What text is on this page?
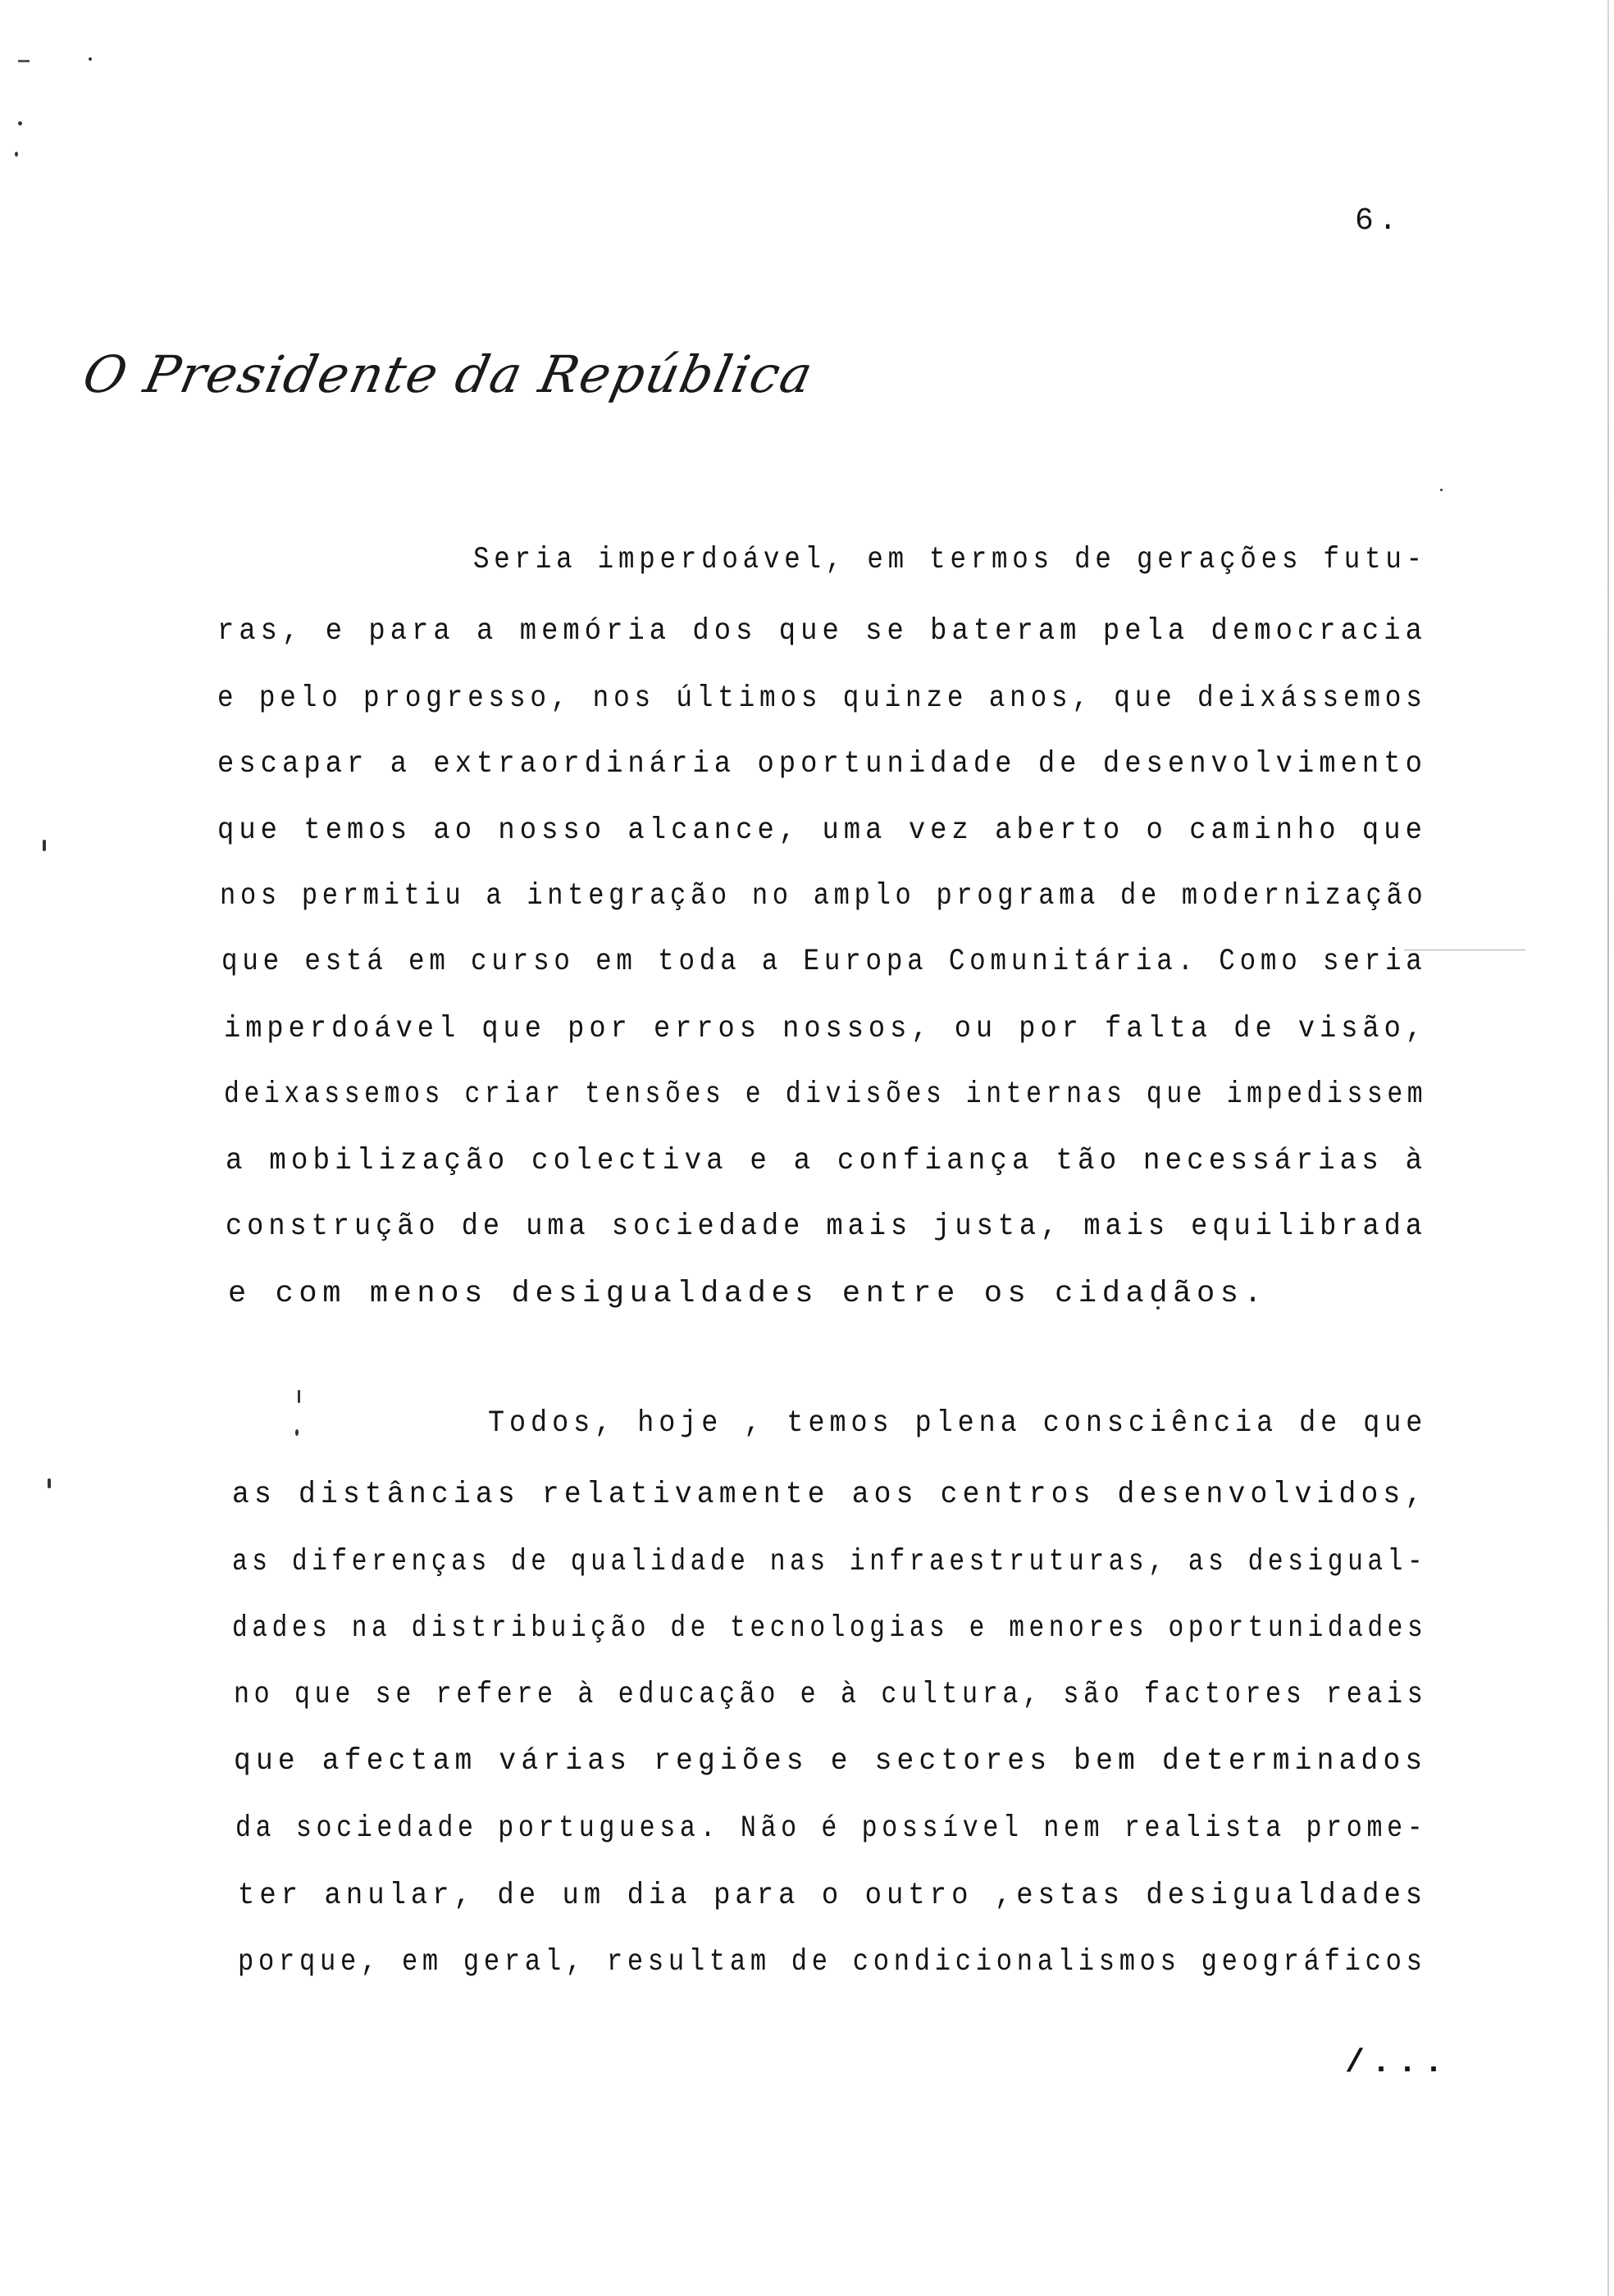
6.
O Presidente da República
Seria imperdoável, em termos de gerações futu-
ras, e para a memória dos que se bateram pela democracia
e pelo progresso, nos últimos quinze anos, que deixássemos
escapar a extraordinária oportunidade de desenvolvimento
que temos ao nosso alcance, uma vez aberto o caminho que
nos permitiu a integração no amplo programa de modernização
que está em curso em toda a Europa Comunitária. Como seria
imperdoável que por erros nossos, ou por falta de visão,
deixassemos criar tensões e divisões internas que impedissem
a mobilização colectiva e a confiança tão necessárias à
construção de uma sociedade mais justa, mais equilibrada
e com menos desigualdades entre os cidadãos.
Todos, hoje , temos plena consciência de que
as distâncias relativamente aos centros desenvolvidos,
as diferenças de qualidade nas infraestruturas, as desigual-
dades na distribuição de tecnologias e menores oportunidades
no que se refere à educação e à cultura, são factores reais
que afectam várias regiões e sectores bem determinados
da sociedade portuguesa. Não é possível nem realista prome-
ter anular, de um dia para o outro ,estas desigualdades
porque, em geral, resultam de condicionalismos geográficos
/...
